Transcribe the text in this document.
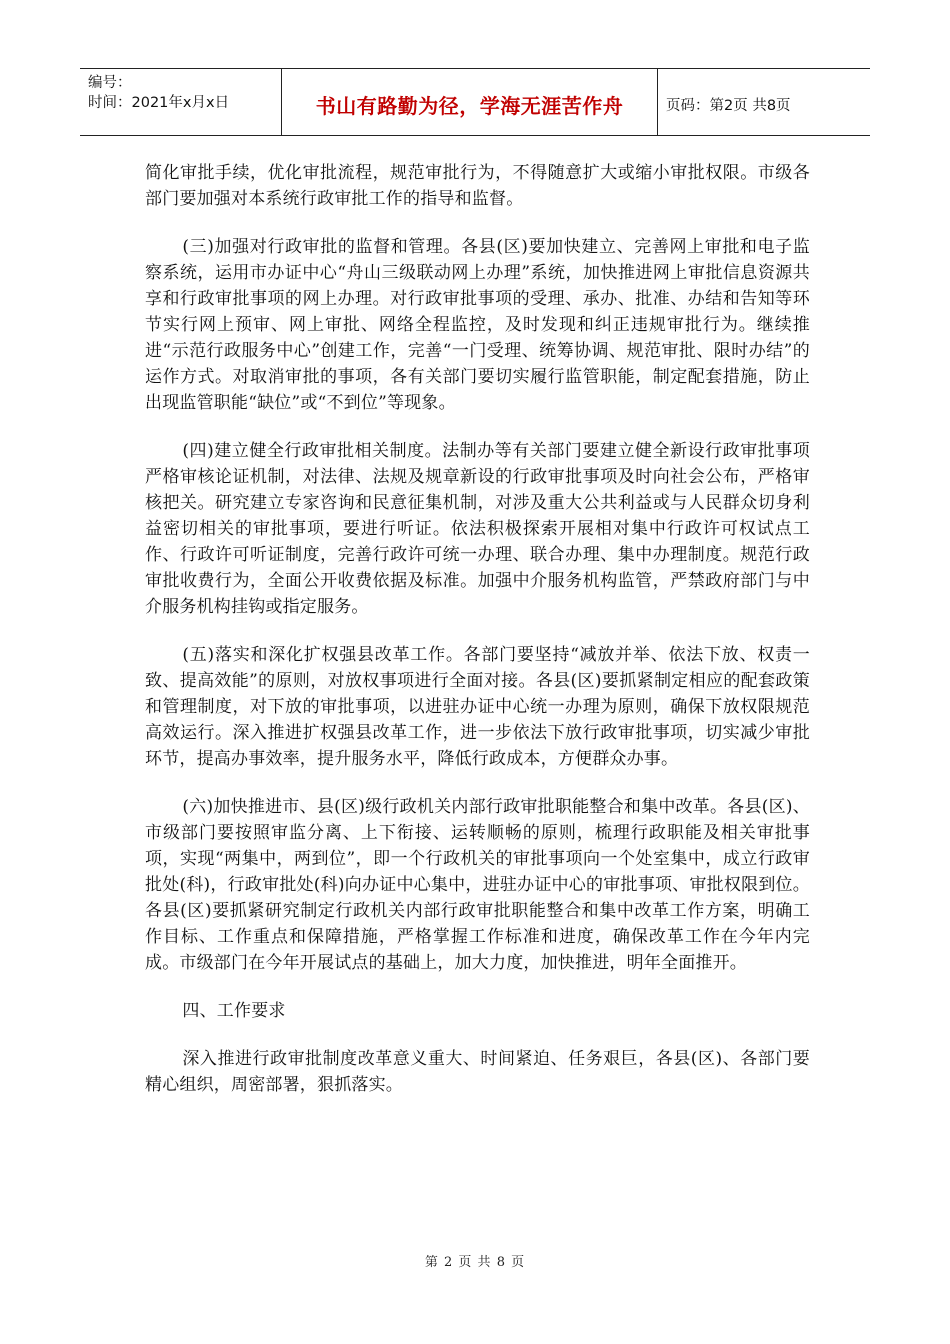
编号：
时间：2021年x月x日	书山有路勤为径，学海无涯苦作舟	页码：第2页 共8页

简化审批手续，优化审批流程，规范审批行为，不得随意扩大或缩小审批权限。市级各部门要加强对本系统行政审批工作的指导和监督。

(三)加强对行政审批的监督和管理。各县(区)要加快建立、完善网上审批和电子监察系统，运用市办证中心“舟山三级联动网上办理”系统，加快推进网上审批信息资源共享和行政审批事项的网上办理。对行政审批事项的受理、承办、批准、办结和告知等环节实行网上预审、网上审批、网络全程监控，及时发现和纠正违规审批行为。继续推进“示范行政服务中心”创建工作，完善“一门受理、统筹协调、规范审批、限时办结”的运作方式。对取消审批的事项，各有关部门要切实履行监管职能，制定配套措施，防止出现监管职能“缺位”或“不到位”等现象。

(四)建立健全行政审批相关制度。法制办等有关部门要建立健全新设行政审批事项严格审核论证机制，对法律、法规及规章新设的行政审批事项及时向社会公布，严格审核把关。研究建立专家咨询和民意征集机制，对涉及重大公共利益或与人民群众切身利益密切相关的审批事项，要进行听证。依法积极探索开展相对集中行政许可权试点工作、行政许可听证制度，完善行政许可统一办理、联合办理、集中办理制度。规范行政审批收费行为，全面公开收费依据及标准。加强中介服务机构监管，严禁政府部门与中介服务机构挂钩或指定服务。

(五)落实和深化扩权强县改革工作。各部门要坚持“减放并举、依法下放、权责一致、提高效能”的原则，对放权事项进行全面对接。各县(区)要抓紧制定相应的配套政策和管理制度，对下放的审批事项，以进驻办证中心统一办理为原则，确保下放权限规范高效运行。深入推进扩权强县改革工作，进一步依法下放行政审批事项，切实减少审批环节，提高办事效率，提升服务水平，降低行政成本，方便群众办事。

(六)加快推进市、县(区)级行政机关内部行政审批职能整合和集中改革。各县(区)、市级部门要按照审监分离、上下衔接、运转顺畅的原则，梳理行政职能及相关审批事项，实现“两集中，两到位”，即一个行政机关的审批事项向一个处室集中，成立行政审批处(科)，行政审批处(科)向办证中心集中，进驻办证中心的审批事项、审批权限到位。各县(区)要抓紧研究制定行政机关内部行政审批职能整合和集中改革工作方案，明确工作目标、工作重点和保障措施，严格掌握工作标准和进度，确保改革工作在今年内完成。市级部门在今年开展试点的基础上，加大力度，加快推进，明年全面推开。

四、工作要求

深入推进行政审批制度改革意义重大、时间紧迫、任务艰巨，各县(区)、各部门要精心组织，周密部署，狠抓落实。

第 2 页 共 8 页
